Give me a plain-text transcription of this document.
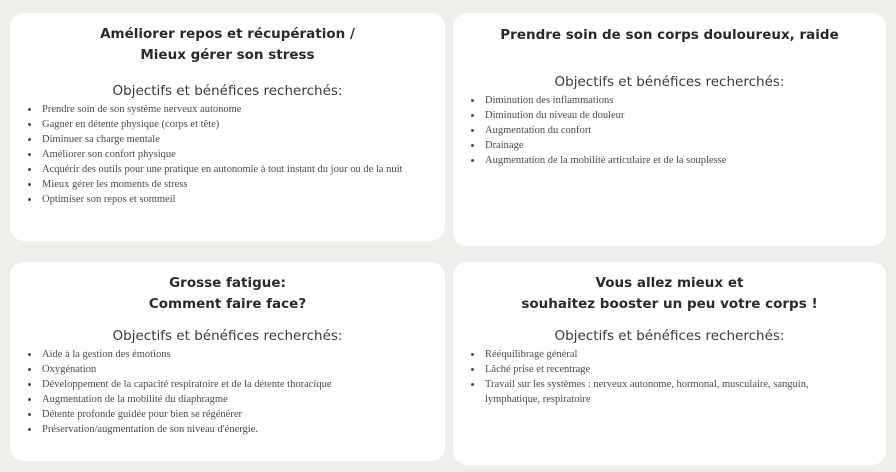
Améliorer repos et récupération /
Mieux gérer son stress

Objectifs et bénéfices recherchés:

• Prendre soin de son système nerveux autonome
• Gagner en détente physique (corps et tête)
• Diminuer sa charge mentale
• Améliorer son confort physique
• Acquérir des outils pour une pratique en autonomie à tout instant du jour ou de la nuit
• Mieux gérer les moments de stress
• Optimiser son repos et sommeil

Prendre soin de son corps douloureux, raide

Objectifs et bénéfices recherchés:

• Diminution des inflammations
• Diminution du niveau de douleur
• Augmentation du confort
• Drainage
• Augmentation de la mobilité articulaire et de la souplesse

Grosse fatigue:
Comment faire face?

Objectifs et bénéfices recherchés:

• Aide à la gestion des émotions
• Oxygénation
• Développement de la capacité respiratoire et de la détente thoracique
• Augmentation de la mobilité du diaphragme
• Détente profonde guidée pour bien se régénérer
• Préservation/augmentation de son niveau d'énergie.

Vous allez mieux et
souhaitez booster un peu votre corps !

Objectifs et bénéfices recherchés:

• Rééquilibrage général
• Lâché prise et recentrage
• Travail sur les systèmes : nerveux autonome, hormonal, musculaire, sanguin, lymphatique, respiratoire
